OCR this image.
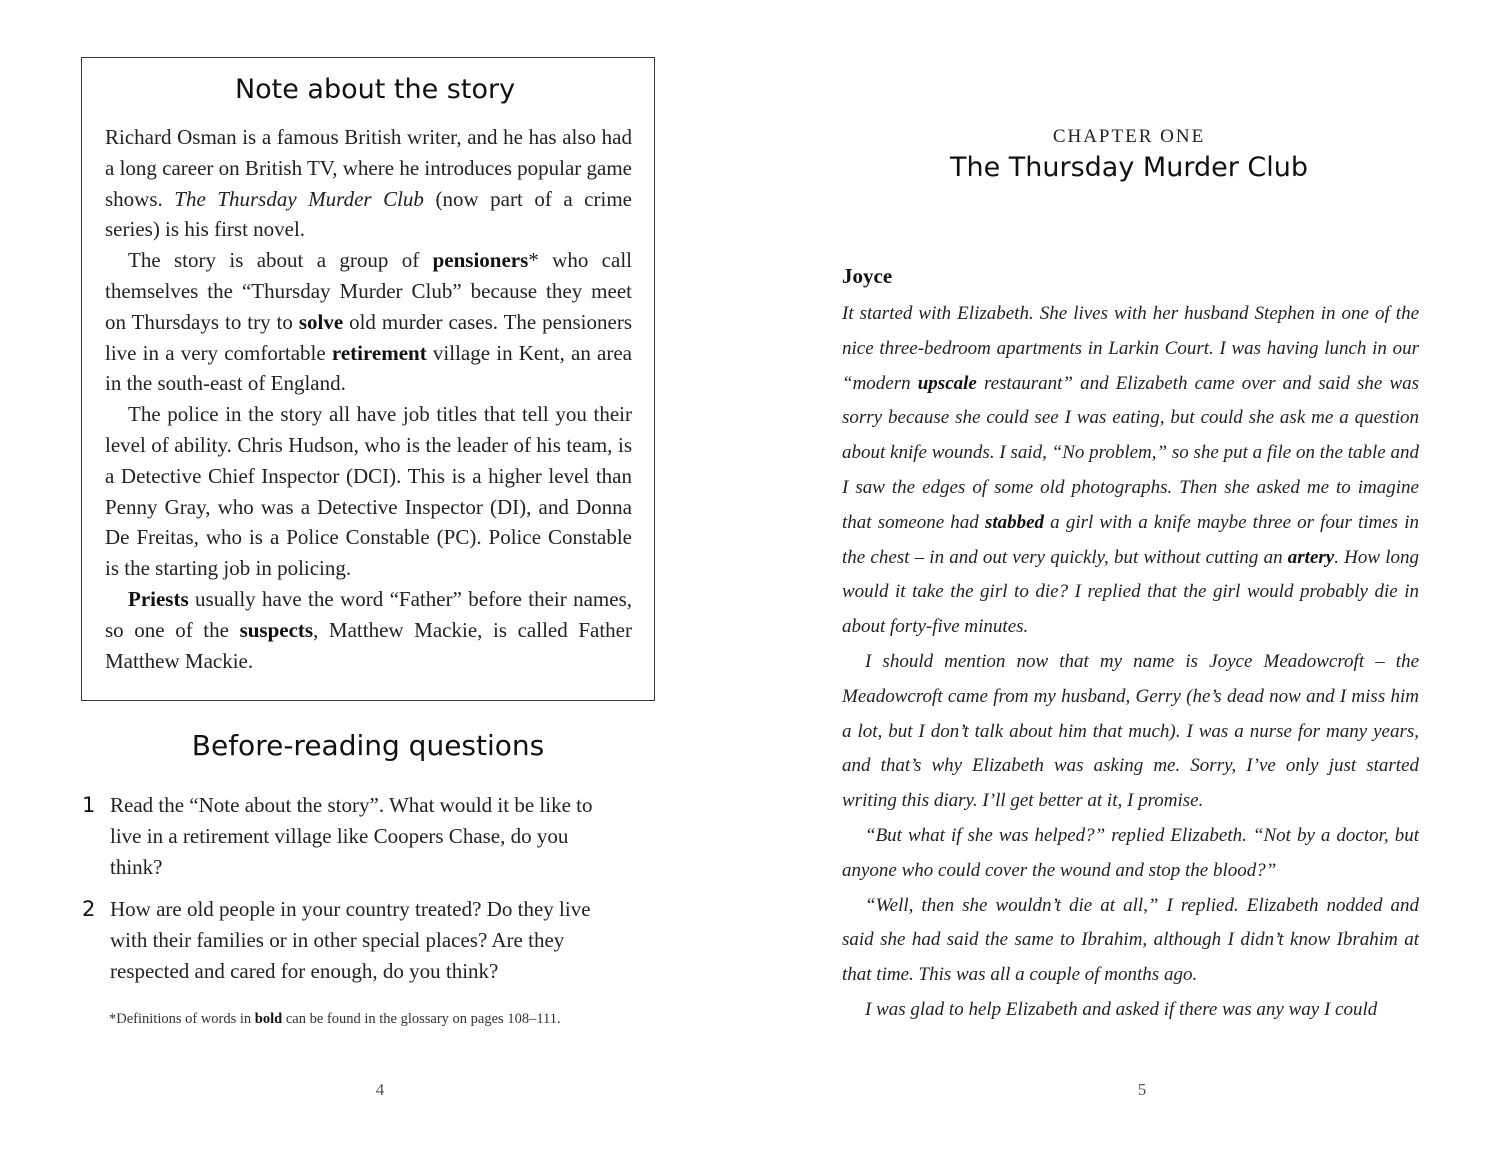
Note about the story

Richard Osman is a famous British writer, and he has also had a long career on British TV, where he introduces popular game shows. The Thursday Murder Club (now part of a crime series) is his first novel.

The story is about a group of pensioners* who call themselves the “Thursday Murder Club” because they meet on Thursdays to try to solve old murder cases. The pensioners live in a very comfortable retirement village in Kent, an area in the south-east of England.

The police in the story all have job titles that tell you their level of ability. Chris Hudson, who is the leader of his team, is a Detective Chief Inspector (DCI). This is a higher level than Penny Gray, who was a Detective Inspector (DI), and Donna De Freitas, who is a Police Constable (PC). Police Constable is the starting job in policing.

Priests usually have the word “Father” before their names, so one of the suspects, Matthew Mackie, is called Father Matthew Mackie.

Before-reading questions
1 Read the “Note about the story”. What would it be like to live in a retirement village like Coopers Chase, do you think?
2 How are old people in your country treated? Do they live with their families or in other special places? Are they respected and cared for enough, do you think?
*Definitions of words in bold can be found in the glossary on pages 108–111.
4
CHAPTER ONE
The Thursday Murder Club
Joyce

It started with Elizabeth. She lives with her husband Stephen in one of the nice three-bedroom apartments in Larkin Court. I was having lunch in our “modern upscale restaurant” and Elizabeth came over and said she was sorry because she could see I was eating, but could she ask me a question about knife wounds. I said, “No problem,” so she put a file on the table and I saw the edges of some old photographs. Then she asked me to imagine that someone had stabbed a girl with a knife maybe three or four times in the chest – in and out very quickly, but without cutting an artery. How long would it take the girl to die? I replied that the girl would probably die in about forty-five minutes.

I should mention now that my name is Joyce Meadowcroft – the Meadowcroft came from my husband, Gerry (he’s dead now and I miss him a lot, but I don’t talk about him that much). I was a nurse for many years, and that’s why Elizabeth was asking me. Sorry, I’ve only just started writing this diary. I’ll get better at it, I promise.

“But what if she was helped?” replied Elizabeth. “Not by a doctor, but anyone who could cover the wound and stop the blood?”

“Well, then she wouldn’t die at all,” I replied. Elizabeth nodded and said she had said the same to Ibrahim, although I didn’t know Ibrahim at that time. This was all a couple of months ago.

I was glad to help Elizabeth and asked if there was any way I could

5
